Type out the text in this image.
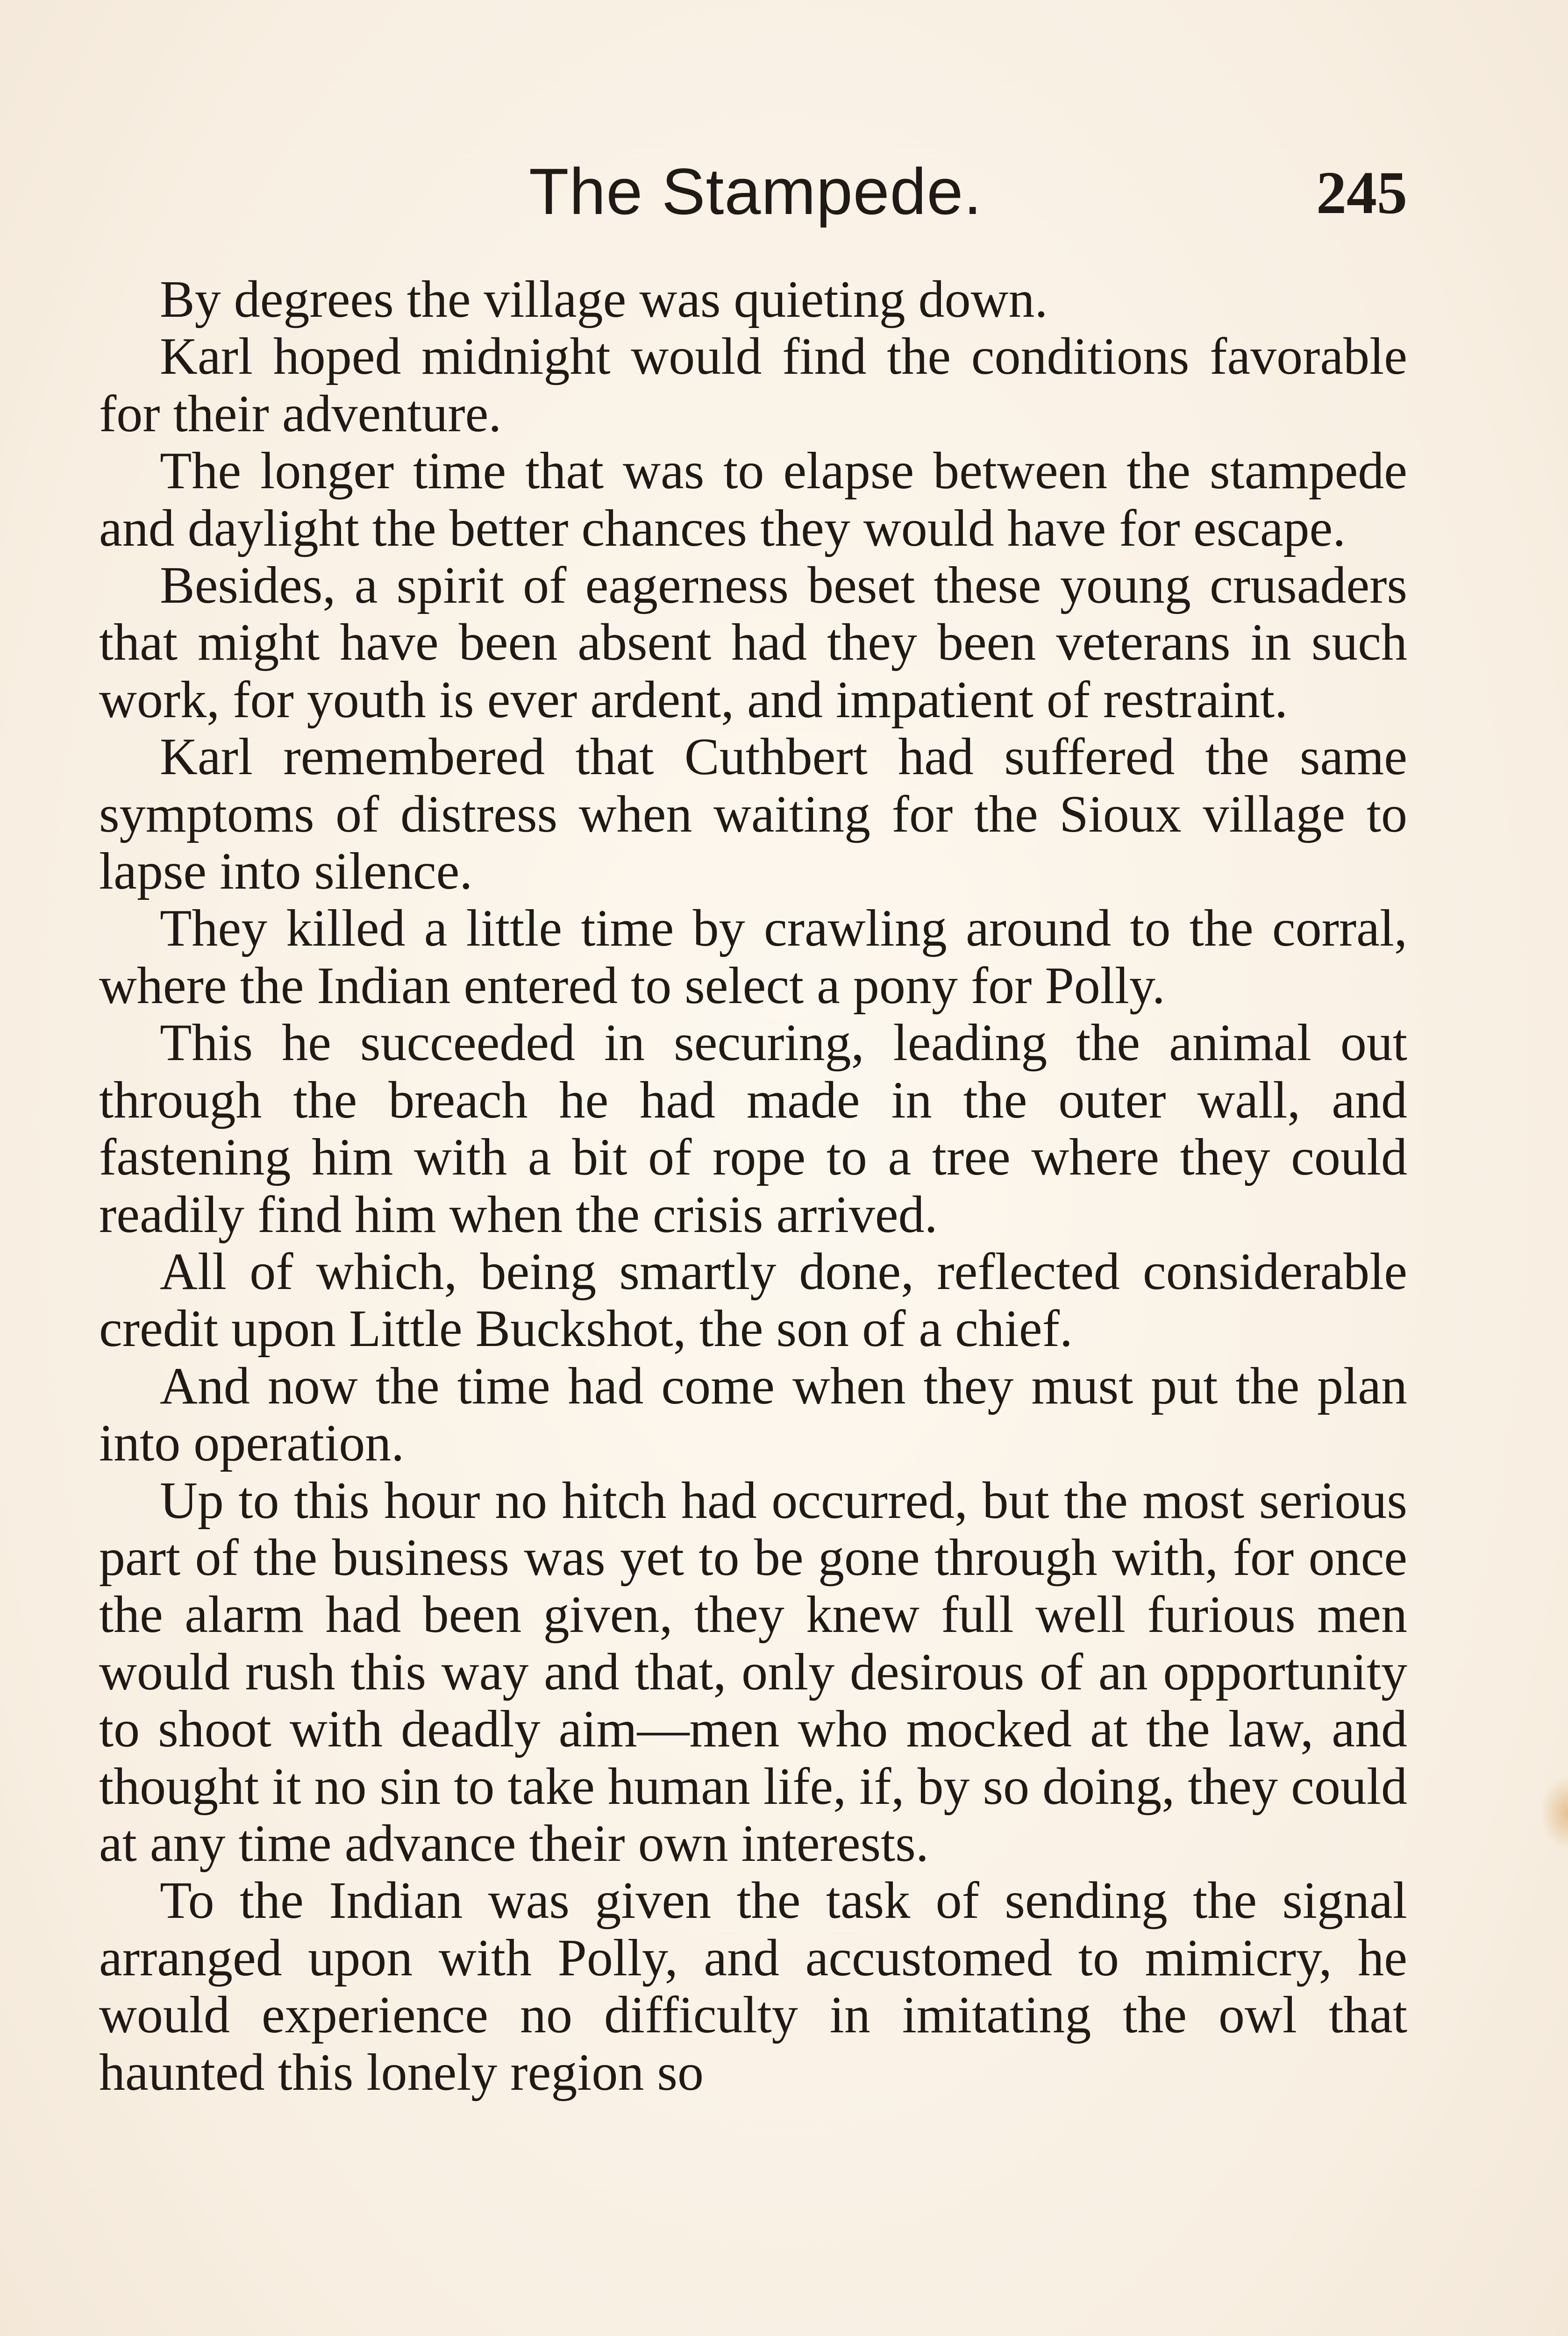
The Stampede.	245

By degrees the village was quieting down.

Karl hoped midnight would find the conditions favorable for their adventure.

The longer time that was to elapse between the stampede and daylight the better chances they would have for escape.

Besides, a spirit of eagerness beset these young crusaders that might have been absent had they been veterans in such work, for youth is ever ardent, and impatient of restraint.

Karl remembered that Cuthbert had suffered the same symptoms of distress when waiting for the Sioux village to lapse into silence.

They killed a little time by crawling around to the corral, where the Indian entered to select a pony for Polly.

This he succeeded in securing, leading the animal out through the breach he had made in the outer wall, and fastening him with a bit of rope to a tree where they could readily find him when the crisis arrived.

All of which, being smartly done, reflected considerable credit upon Little Buckshot, the son of a chief.

And now the time had come when they must put the plan into operation.

Up to this hour no hitch had occurred, but the most serious part of the business was yet to be gone through with, for once the alarm had been given, they knew full well furious men would rush this way and that, only desirous of an opportunity to shoot with deadly aim—men who mocked at the law, and thought it no sin to take human life, if, by so doing, they could at any time advance their own interests.

To the Indian was given the task of sending the signal arranged upon with Polly, and accustomed to mimicry, he would experience no difficulty in imitating the owl that haunted this lonely region so
